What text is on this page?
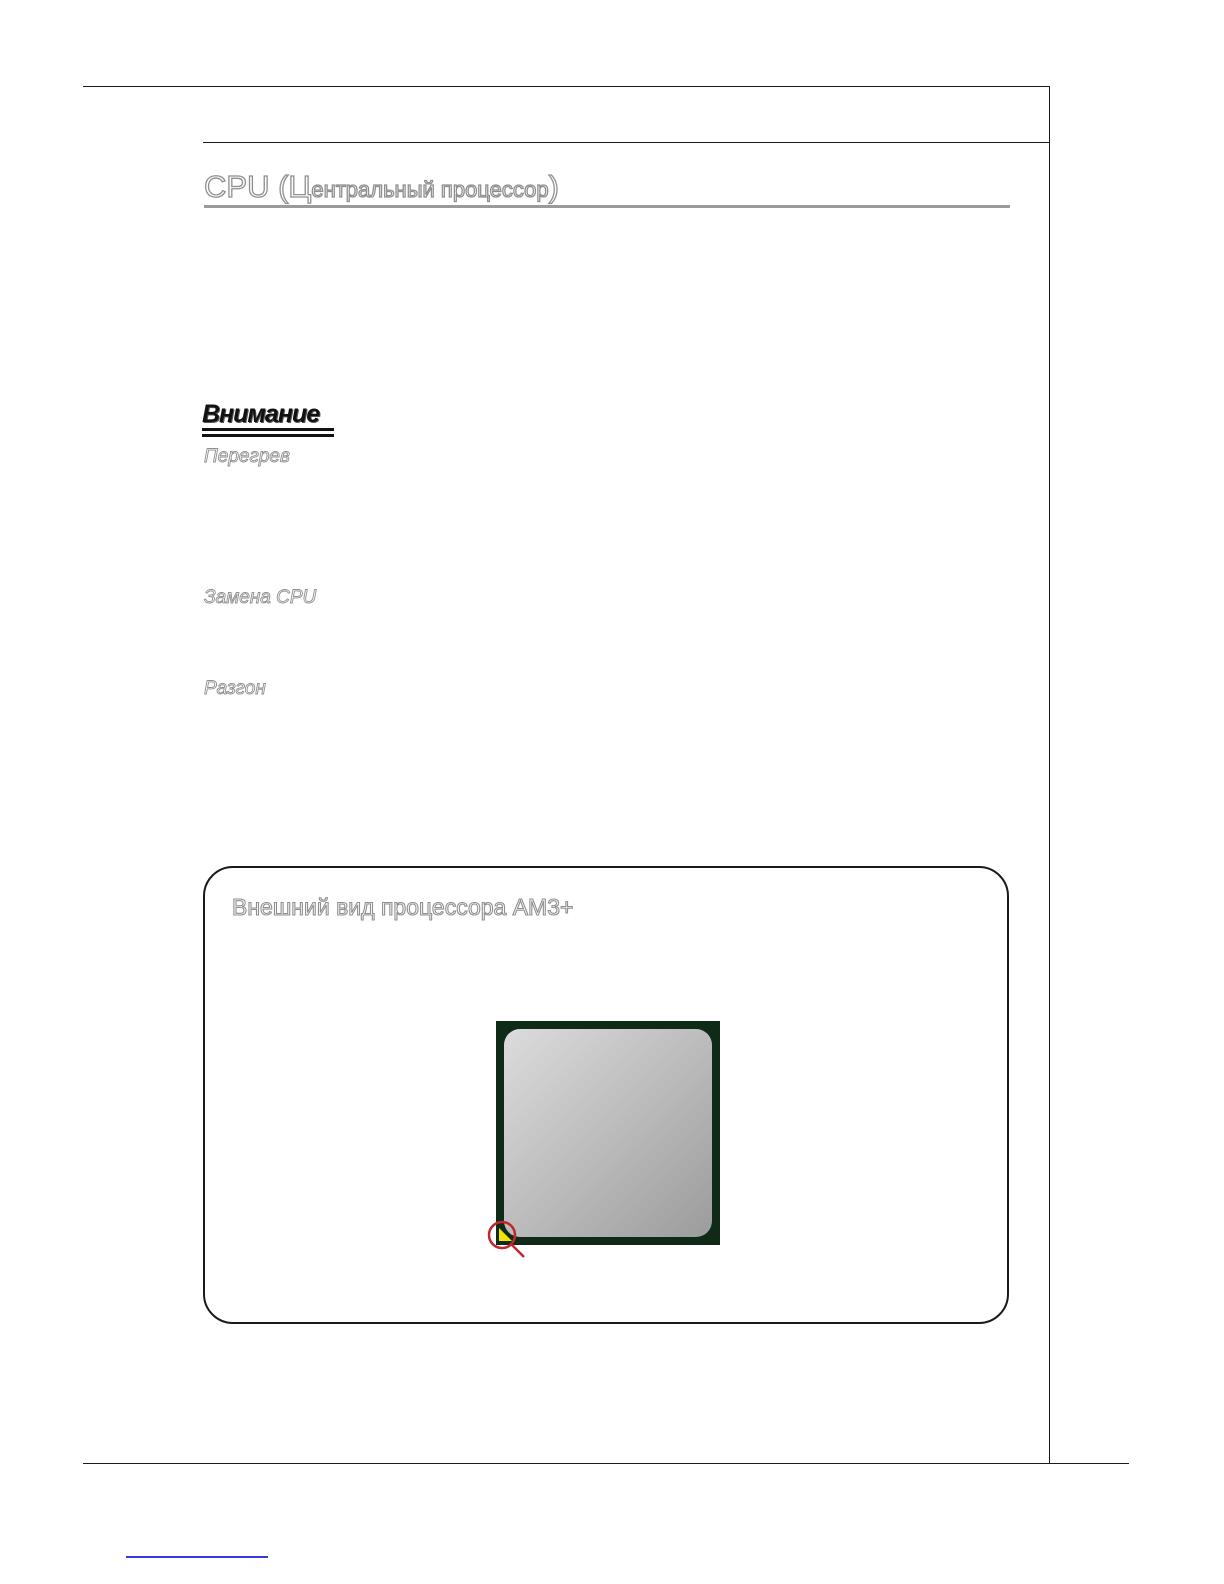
CPU (Центральный процессор)
Внимание
Перегрев
Замена CPU
Разгон
Внешний вид процессора AM3+
